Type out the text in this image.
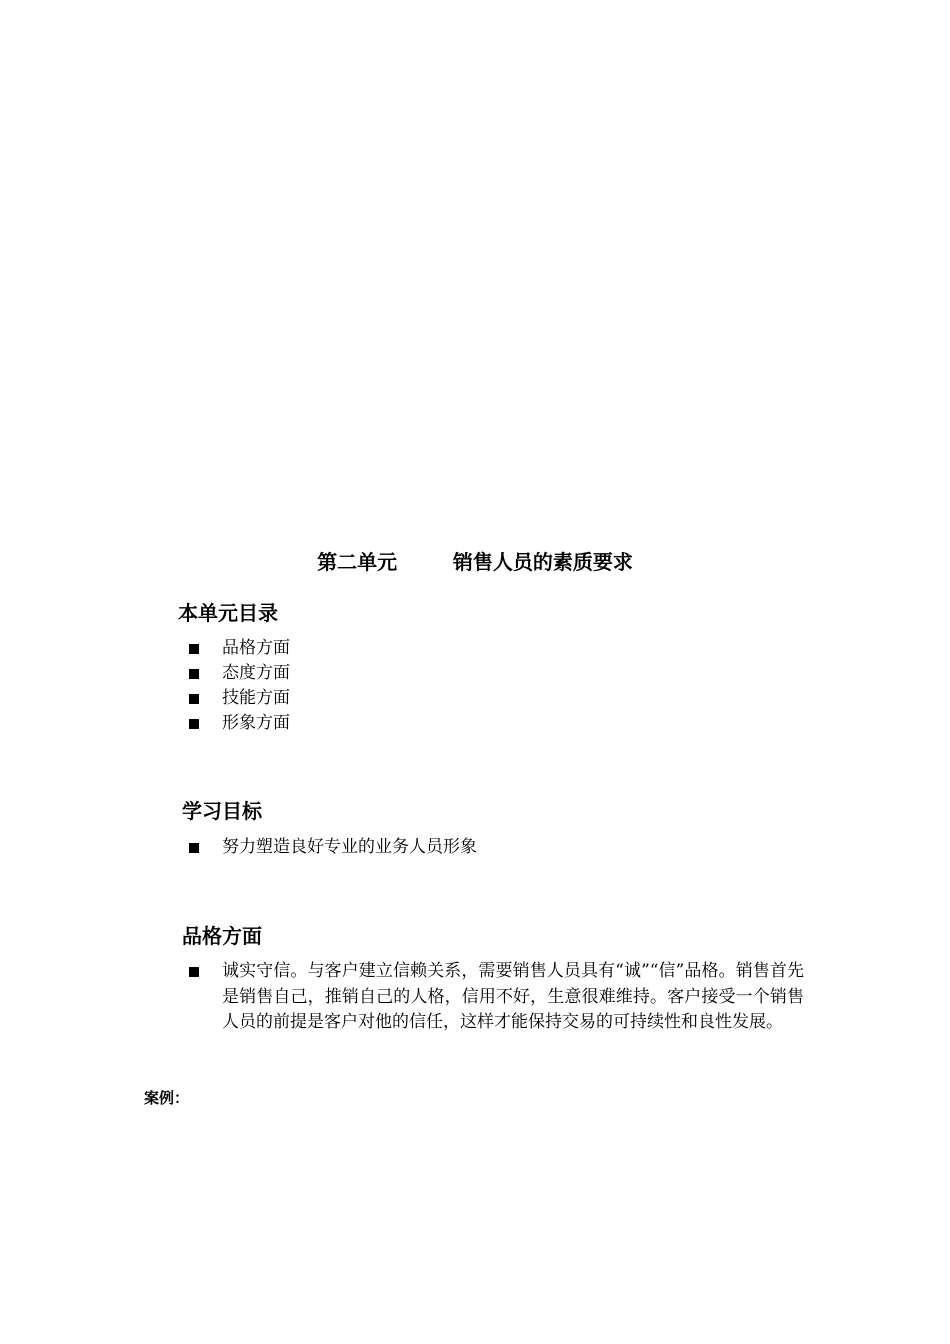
第二单元	销售人员的素质要求
本单元目录
品格方面
态度方面
技能方面
形象方面
学习目标
努力塑造良好专业的业务人员形象
品格方面
诚实守信。与客户建立信赖关系，需要销售人员具有“诚”“信”品格。销售首先是销售自己，推销自己的人格，信用不好，生意很难维持。客户接受一个销售人员的前提是客户对他的信任，这样才能保持交易的可持续性和良性发展。
案例：
